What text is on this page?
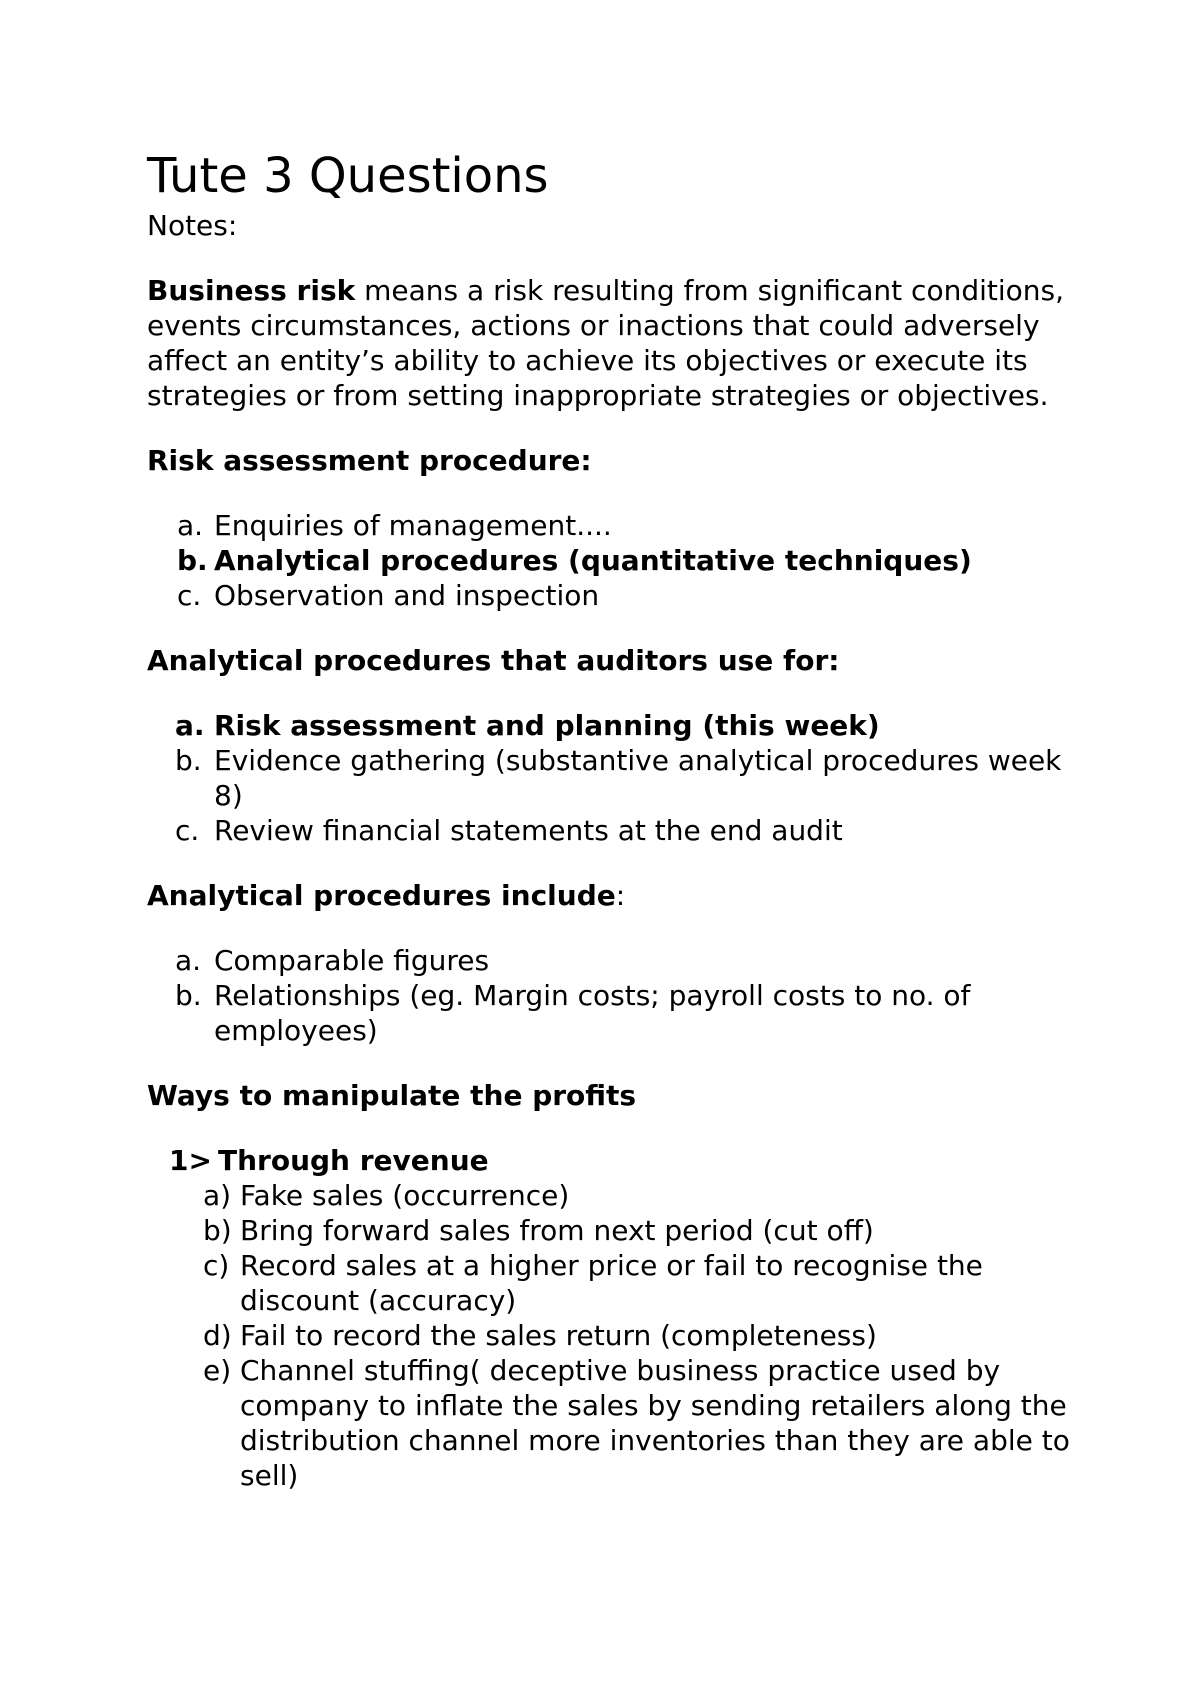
Tute 3 Questions

Notes:

Business risk means a risk resulting from significant conditions, events circumstances, actions or inactions that could adversely affect an entity’s ability to achieve its objectives or execute its strategies or from setting inappropriate strategies or objectives.

Risk assessment procedure:

a. Enquiries of management....
b. Analytical procedures (quantitative techniques)
c. Observation and inspection

Analytical procedures that auditors use for:

a. Risk assessment and planning (this week)
b. Evidence gathering (substantive analytical procedures week 8)
c. Review financial statements at the end audit

Analytical procedures include:

a. Comparable figures
b. Relationships (eg. Margin costs; payroll costs to no. of employees)

Ways to manipulate the profits

1> Through revenue

a) Fake sales (occurrence)
b) Bring forward sales from next period (cut off)
c) Record sales at a higher price or fail to recognise the discount (accuracy)
d) Fail to record the sales return (completeness)
e) Channel stuffing( deceptive business practice used by company to inflate the sales by sending retailers along the distribution channel more inventories than they are able to sell)
